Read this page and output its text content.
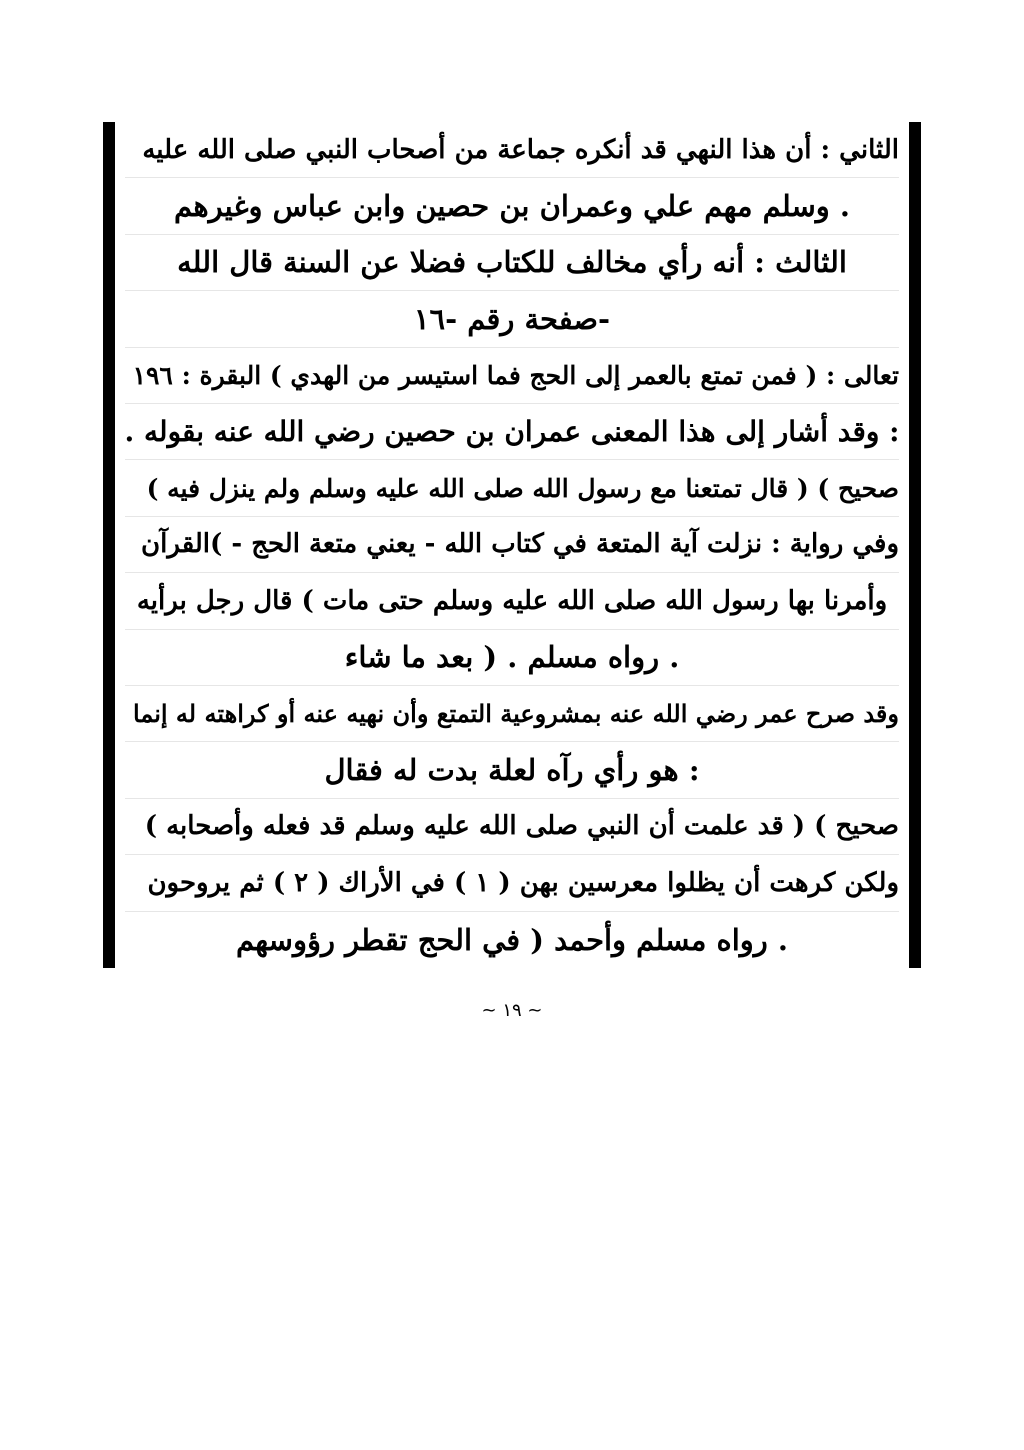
الثاني : أن هذا النهي قد أنكره جماعة من أصحاب النبي صلى الله عليه
. وسلم مهم علي وعمران بن حصين وابن عباس وغيرهم
الثالث : أنه رأي مخالف للكتاب فضلا عن السنة قال الله
-صفحة رقم -١٦
تعالى : ( فمن تمتع بالعمر إلى الحج فما استيسر من الهدي ) البقرة : ١٩٦
: وقد أشار إلى هذا المعنى عمران بن حصين رضي الله عنه بقوله .
صحيح ) ( قال تمتعنا مع رسول الله صلى الله عليه وسلم ولم ينزل فيه )
وفي رواية : نزلت آية المتعة في كتاب الله - يعني متعة الحج - )القرآن
وأمرنا بها رسول الله صلى الله عليه وسلم حتى مات ) قال رجل برأيه
. رواه مسلم . ( بعد ما شاء
وقد صرح عمر رضي الله عنه بمشروعية التمتع وأن نهيه عنه أو كراهته له إنما
: هو رأي رآه لعلة بدت له فقال
صحيح ) ( قد علمت أن النبي صلى الله عليه وسلم قد فعله وأصحابه )
ولكن كرهت أن يظلوا معرسين بهن ( ١ ) في الأراك ( ٢ ) ثم يروحون
. رواه مسلم وأحمد ( في الحج تقطر رؤوسهم
~ ١٩ ~
